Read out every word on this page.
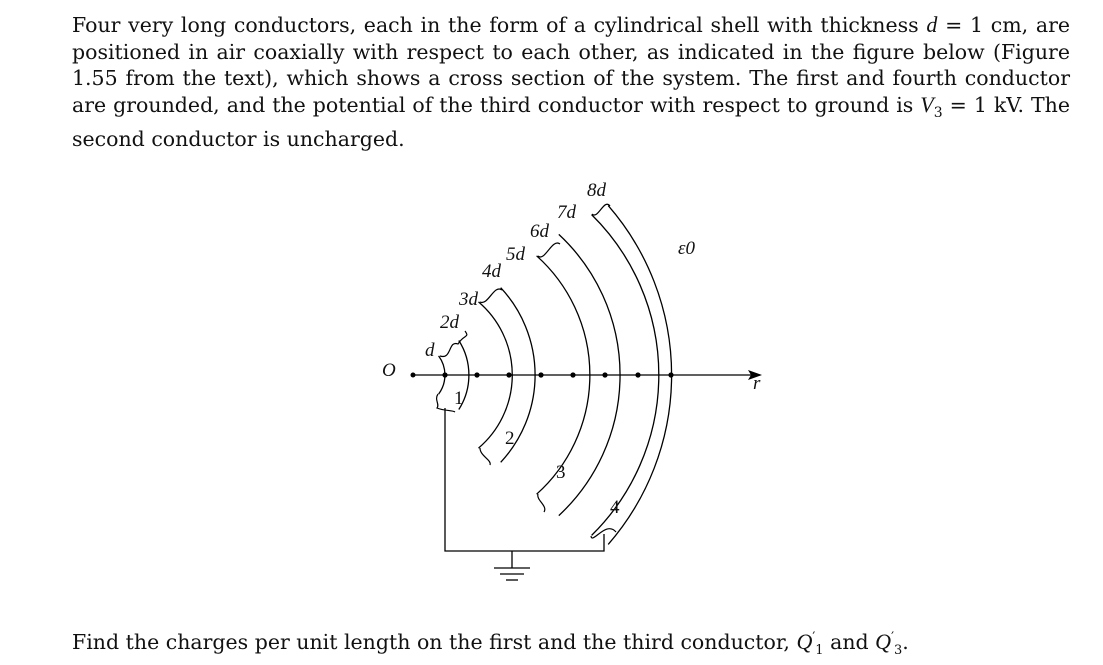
Four very long conductors, each in the form of a cylindrical shell with thickness d = 1 cm, are positioned in air coaxially with respect to each other, as indicated in the figure below (Figure 1.55 from the text), which shows a cross section of the system. The first and fourth conductor are grounded, and the potential of the third conductor with respect to ground is $V_3 = 1$ kV. The second conductor is uncharged.

O
r
ε0
d
2d
3d
4d
5d
6d
7d
8d
1
2
3
4

Find the charges per unit length on the first and the third conductor, $Q'_1$ and $Q'_3$.
